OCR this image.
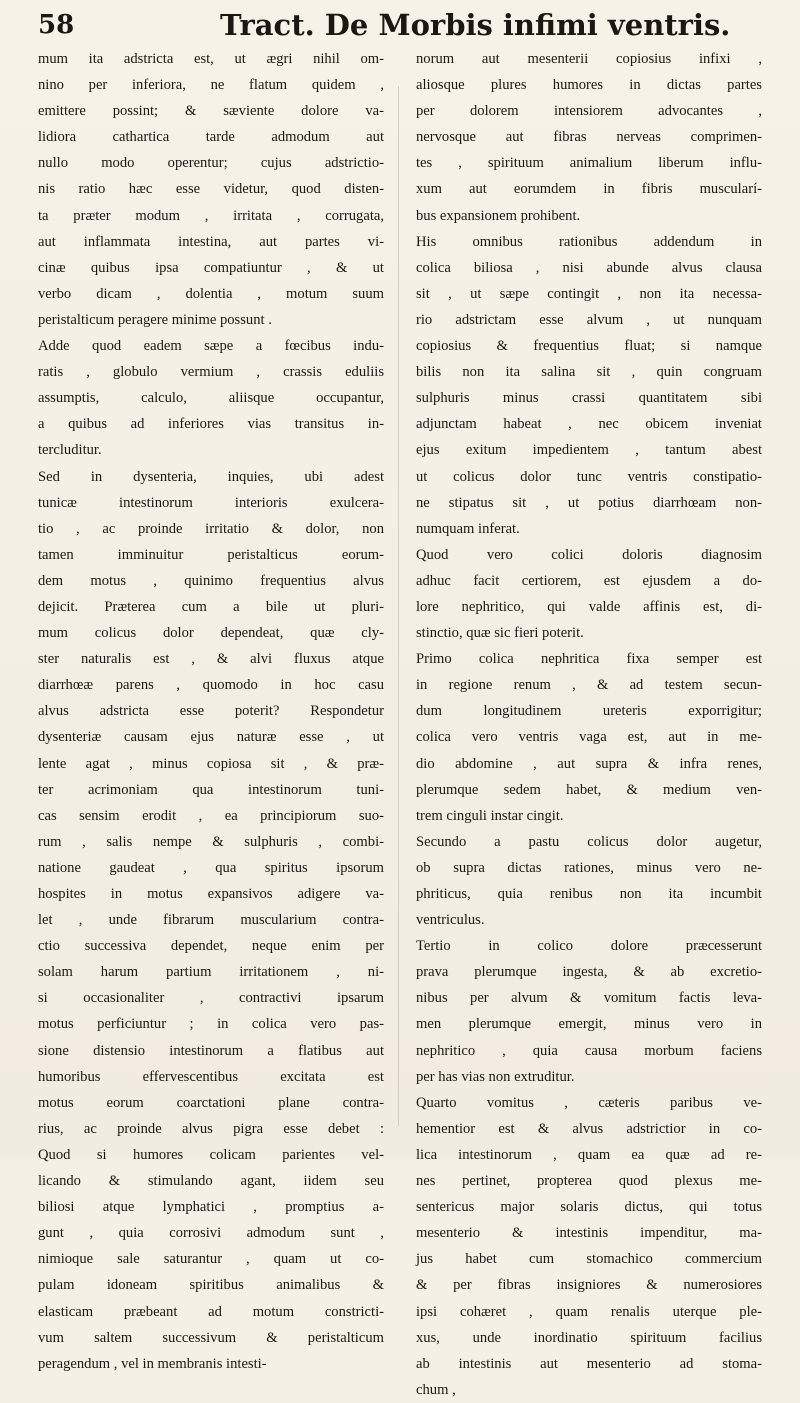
58	Tract. De Morbis infimi ventris.
mum ita adstricta est, ut ægri nihil om-
nino per inferiora, ne flatum quidem ,
emittere possint; & sæviente dolore va-
lidiora cathartica tarde admodum aut
nullo modo operentur; cujus adstrictio-
nis ratio hæc esse videtur, quod disten-
ta præter modum , irritata , corrugata,
aut inflammata intestina, aut partes vi-
cinæ quibus ipsa compatiuntur , & ut
verbo dicam , dolentia , motum suum
peristalticum peragere minime possunt .
Adde quod eadem sæpe a fœcibus indu-
ratis , globulo vermium , crassis eduliis
assumptis, calculo, aliisque occupantur,
a quibus ad inferiores vias transitus in-
tercluditur.
Sed in dysenteria, inquies, ubi adest
tunicæ intestinorum interioris exulcera-
tio , ac proinde irritatio & dolor, non
tamen imminuitur peristalticus eorum-
dem motus , quinimo frequentius alvus
dejicit. Præterea cum a bile ut pluri-
mum colicus dolor dependeat, quæ cly-
ster naturalis est , & alvi fluxus atque
diarrhœæ parens , quomodo in hoc casu
alvus adstricta esse poterit? Respondetur
dysenteriæ causam ejus naturæ esse , ut
lente agat , minus copiosa sit , & præ-
ter acrimoniam qua intestinorum tuni-
cas sensim erodit , ea principiorum suo-
rum , salis nempe & sulphuris , combi-
natione gaudeat , qua spiritus ipsorum
hospites in motus expansivos adigere va-
let , unde fibrarum muscularium contra-
ctio successiva dependet, neque enim per
solam harum partium irritationem , ni-
si occasionaliter , contractivi ipsarum
motus perficiuntur ; in colica vero pas-
sione distensio intestinorum a flatibus aut
humoribus effervescentibus excitata est
motus eorum coarctationi plane contra-
rius, ac proinde alvus pigra esse debet :
Quod si humores colicam parientes vel-
licando & stimulando agant, iidem seu
biliosi atque lymphatici , promptius a-
gunt , quia corrosivi admodum sunt ,
nimioque sale saturantur , quam ut co-
pulam idoneam spiritibus animalibus &
elasticam præbeant ad motum constricti-
vum saltem successivum & peristalticum
peragendum , vel in membranis intesti-
norum aut mesenterii copiosius infixi ,
aliosque plures humores in dictas partes
per dolorem intensiorem advocantes ,
nervosque aut fibras nerveas comprimen-
tes , spirituum animalium liberum influ-
xum aut eorumdem in fibris muscularí-
bus expansionem prohibent.
His omnibus rationibus addendum in
colica biliosa , nisi abunde alvus clausa
sit , ut sæpe contingit , non ita necessa-
rio adstrictam esse alvum , ut nunquam
copiosius & frequentius fluat; si namque
bilis non ita salina sit , quin congruam
sulphuris minus crassi quantitatem sibi
adjunctam habeat , nec obicem inveniat
ejus exitum impedientem , tantum abest
ut colicus dolor tunc ventris constipatio-
ne stipatus sit , ut potius diarrhœam non-
numquam inferat.
Quod vero colici doloris diagnosim
adhuc facit certiorem, est ejusdem a do-
lore nephritico, qui valde affinis est, di-
stinctio, quæ sic fieri poterit.
Primo colica nephritica fixa semper est
in regione renum , & ad testem secun-
dum longitudinem ureteris exporrigitur;
colica vero ventris vaga est, aut in me-
dio abdomine , aut supra & infra renes,
plerumque sedem habet, & medium ven-
trem cinguli instar cingit.
Secundo a pastu colicus dolor augetur,
ob supra dictas rationes, minus vero ne-
phriticus, quia renibus non ita incumbit
ventriculus.
Tertio in colico dolore præcesserunt
prava plerumque ingesta, & ab excretio-
nibus per alvum & vomitum factis leva-
men plerumque emergit, minus vero in
nephritico , quia causa morbum faciens
per has vias non extruditur.
Quarto vomitus , cæteris paribus ve-
hementior est & alvus adstrictior in co-
lica intestinorum , quam ea quæ ad re-
nes pertinet, propterea quod plexus me-
sentericus major solaris dictus, qui totus
mesenterio & intestinis impenditur, ma-
jus habet cum stomachico commercium
& per fibras insigniores & numerosiores
ipsi cohæret , quam renalis uterque ple-
xus, unde inordinatio spirituum facilius
ab intestinis aut mesenterio ad stoma-
chum ,
